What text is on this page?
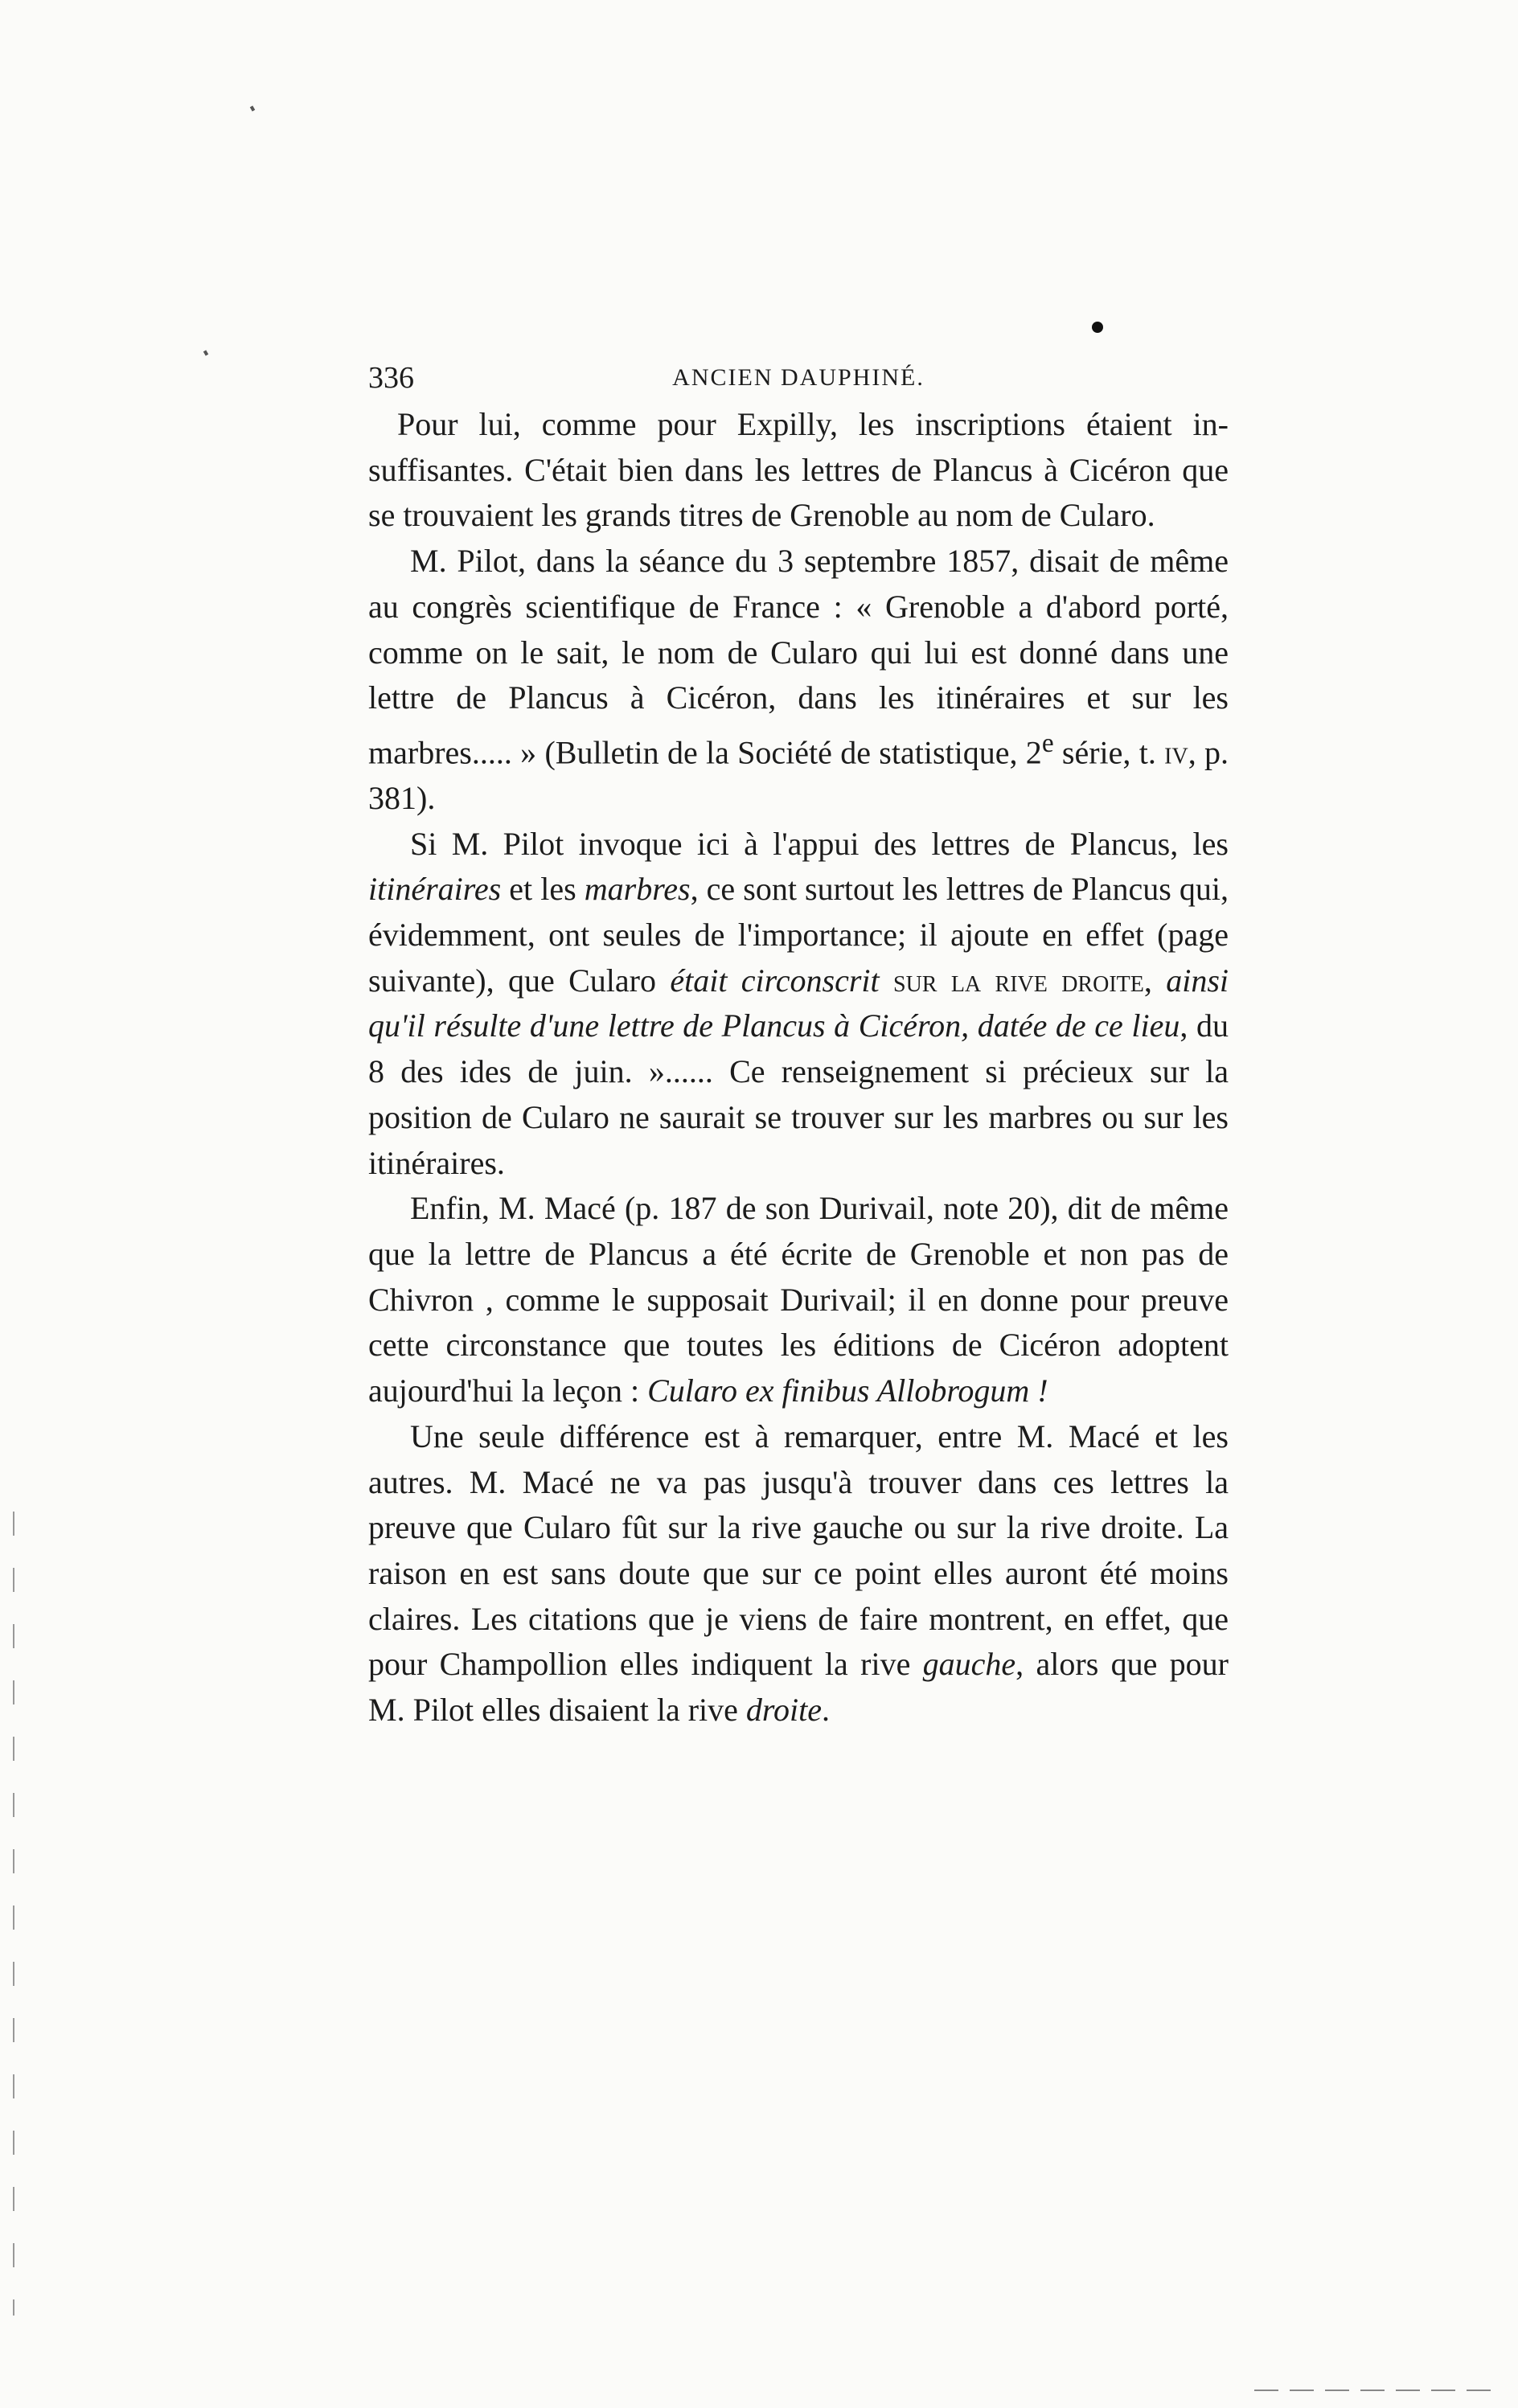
336	ANCIEN DAUPHINÉ.

Pour lui, comme pour Expilly, les inscriptions étaient insuffisantes. C'était bien dans les lettres de Plancus à Cicéron que se trouvaient les grands titres de Grenoble au nom de Cularo.

M. Pilot, dans la séance du 3 septembre 1857, disait de même au congrès scientifique de France : « Grenoble a d'abord porté, comme on le sait, le nom de Cularo qui lui est donné dans une lettre de Plancus à Cicéron, dans les itinéraires et sur les marbres..... » (Bulletin de la Société de statistique, 2e série, t. iv, p. 381).

Si M. Pilot invoque ici à l'appui des lettres de Plancus, les itinéraires et les marbres, ce sont surtout les lettres de Plancus qui, évidemment, ont seules de l'importance; il ajoute en effet (page suivante), que Cularo était circonscrit sur la rive droite, ainsi qu'il résulte d'une lettre de Plancus à Cicéron, datée de ce lieu, du 8 des ides de juin. »...... Ce renseignement si précieux sur la position de Cularo ne saurait se trouver sur les marbres ou sur les itinéraires.

Enfin, M. Macé (p. 187 de son Durivail, note 20), dit de même que la lettre de Plancus a été écrite de Grenoble et non pas de Chivron , comme le supposait Durivail; il en donne pour preuve cette circonstance que toutes les éditions de Cicéron adoptent aujourd'hui la leçon : Cularo ex finibus Allobrogum !

Une seule différence est à remarquer, entre M. Macé et les autres. M. Macé ne va pas jusqu'à trouver dans ces lettres la preuve que Cularo fût sur la rive gauche ou sur la rive droite. La raison en est sans doute que sur ce point elles auront été moins claires. Les citations que je viens de faire montrent, en effet, que pour Champollion elles indiquent la rive gauche, alors que pour M. Pilot elles disaient la rive droite.
